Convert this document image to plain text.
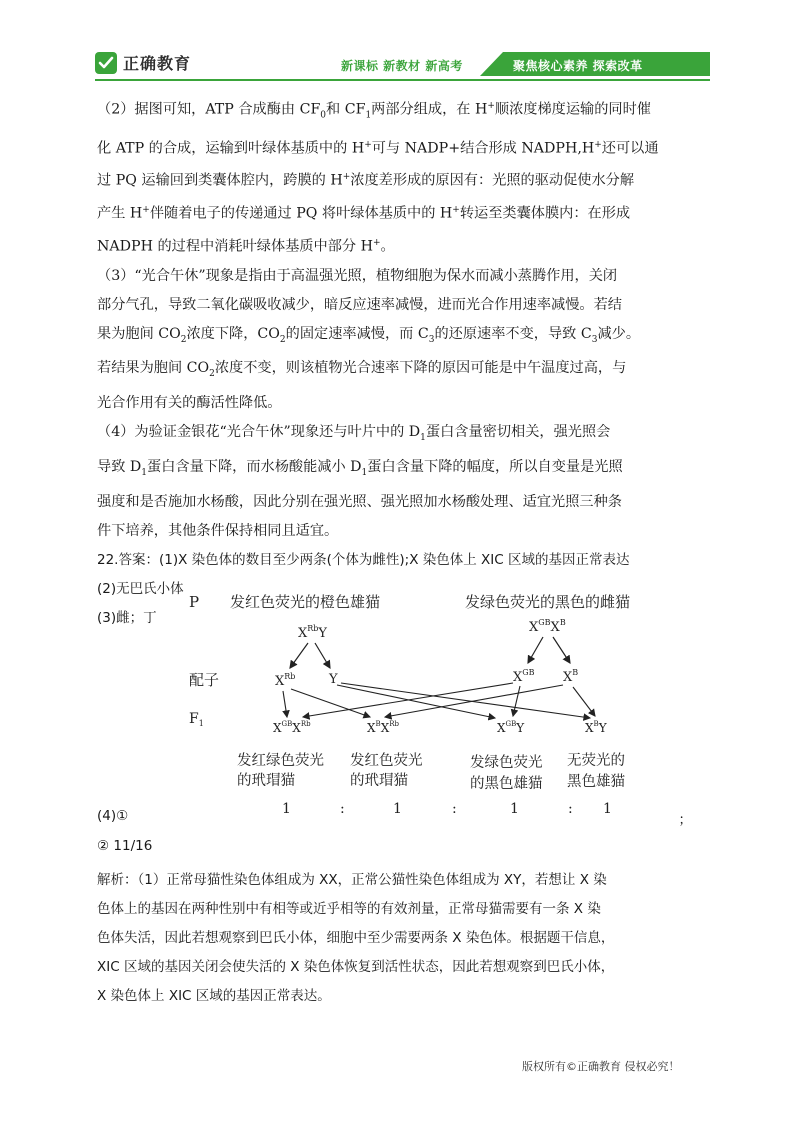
正确教育	新课标 新教材 新高考	聚焦核心素养 探索改革
（2）据图可知，ATP 合成酶由 $CF_0$和 $CF_1$两部分组成，在 H+顺浓度梯度运输的同时催
化 ATP 的合成，运输到叶绿体基质中的 H+可与 NADP+结合形成 NADPH,H+还可以通
过 PQ 运输回到类囊体腔内，跨膜的 H+浓度差形成的原因有：光照的驱动促使水分解
产生 H+伴随着电子的传递通过 PQ 将叶绿体基质中的 H+转运至类囊体膜内：在形成
NADPH 的过程中消耗叶绿体基质中部分 H+。
（3）“光合午休”现象是指由于高温强光照，植物细胞为保水而减小蒸腾作用，关闭
部分气孔，导致二氧化碳吸收减少，暗反应速率减慢，进而光合作用速率减慢。若结
果为胞间 $CO_2$浓度下降，$CO_2$的固定速率减慢，而 $C_3$的还原速率不变，导致 $C_3$减少。
若结果为胞间 $CO_2$浓度不变，则该植物光合速率下降的原因可能是中午温度过高，与
光合作用有关的酶活性降低。
（4）为验证金银花“光合午休”现象还与叶片中的 $D_1$蛋白含量密切相关，强光照会
导致 $D_1$蛋白含量下降，而水杨酸能减小 $D_1$蛋白含量下降的幅度，所以自变量是光照
强度和是否施加水杨酸，因此分别在强光照、强光照加水杨酸处理、适宜光照三种条
件下培养，其他条件保持相同且适宜。
22.答案：(1)X 染色体的数目至少两条(个体为雌性);X 染色体上 XIC 区域的基因正常表达
(2)无巴氏小体
(3)雌；丁
P 发红色荧光的橙色雄猫	发绿色荧光的黑色的雌猫
$X^{Rb}Y$	$X^{GB}X^B$
配子	$X^{Rb}$	Y	$X^{GB}$ $X^B$
$F_1$	$X^{GB}X^{Rb}$	$X^BX^{Rb}$	$X^{GB}Y$	$X^BY$
发红绿色荧光
的玳瑁猫
发红色荧光
的玳瑁猫
发绿色荧光
的黑色雄猫
无荧光的
黑色雄猫
1	:	1	:	1	: 1
(4)①	；
② 11/16
解析：（1）正常母猫性染色体组成为 XX，正常公猫性染色体组成为 XY，若想让 X 染
色体上的基因在两种性别中有相等或近乎相等的有效剂量，正常母猫需要有一条 X 染
色体失活，因此若想观察到巴氏小体，细胞中至少需要两条 X 染色体。根据题干信息，
XIC 区域的基因关闭会使失活的 X 染色体恢复到活性状态，因此若想观察到巴氏小体，
X 染色体上 XIC 区域的基因正常表达。
版权所有©正确教育 侵权必究！
